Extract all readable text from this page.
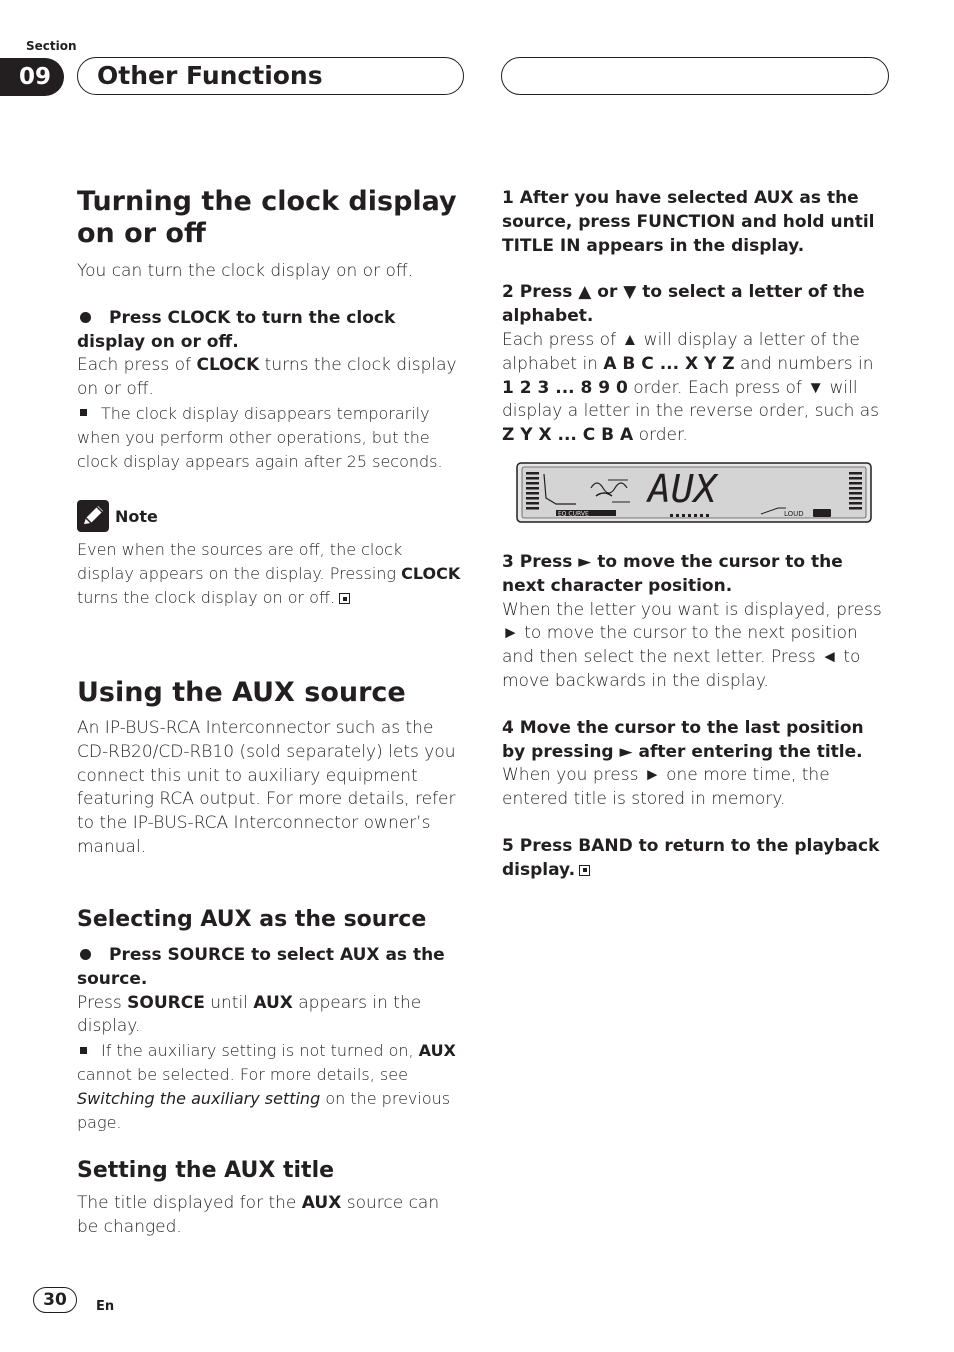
Section
09	Other Functions
Turning the clock display on or off

You can turn the clock display on or off.

Press CLOCK to turn the clock display on or off.

Each press of CLOCK turns the clock display on or off.

The clock display disappears temporarily when you perform other operations, but the clock display appears again after 25 seconds.

Note

Even when the sources are off, the clock display appears on the display. Pressing CLOCK turns the clock display on or off.

Using the AUX source

An IP-BUS-RCA Interconnector such as the CD-RB20/CD-RB10 (sold separately) lets you connect this unit to auxiliary equipment featuring RCA output. For more details, refer to the IP-BUS-RCA Interconnector owner’s manual.

Selecting AUX as the source

Press SOURCE to select AUX as the source.

Press SOURCE until AUX appears in the display.

If the auxiliary setting is not turned on, AUX cannot be selected. For more details, see Switching the auxiliary setting on the previous page.

Setting the AUX title

The title displayed for the AUX source can be changed.

1 After you have selected AUX as the source, press FUNCTION and hold until TITLE IN appears in the display.

2 Press ▲ or ▼ to select a letter of the alphabet.

Each press of ▲ will display a letter of the alphabet in A B C ... X Y Z and numbers in 1 2 3 ... 8 9 0 order. Each press of ▼ will display a letter in the reverse order, such as Z Y X ... C B A order.

EQ CURVE	LOUD
AUX

3 Press ► to move the cursor to the next character position.

When the letter you want is displayed, press ► to move the cursor to the next position and then select the next letter. Press ◄ to move backwards in the display.

4 Move the cursor to the last position by pressing ► after entering the title.

When you press ► one more time, the entered title is stored in memory.

5 Press BAND to return to the playback display.

30	En
